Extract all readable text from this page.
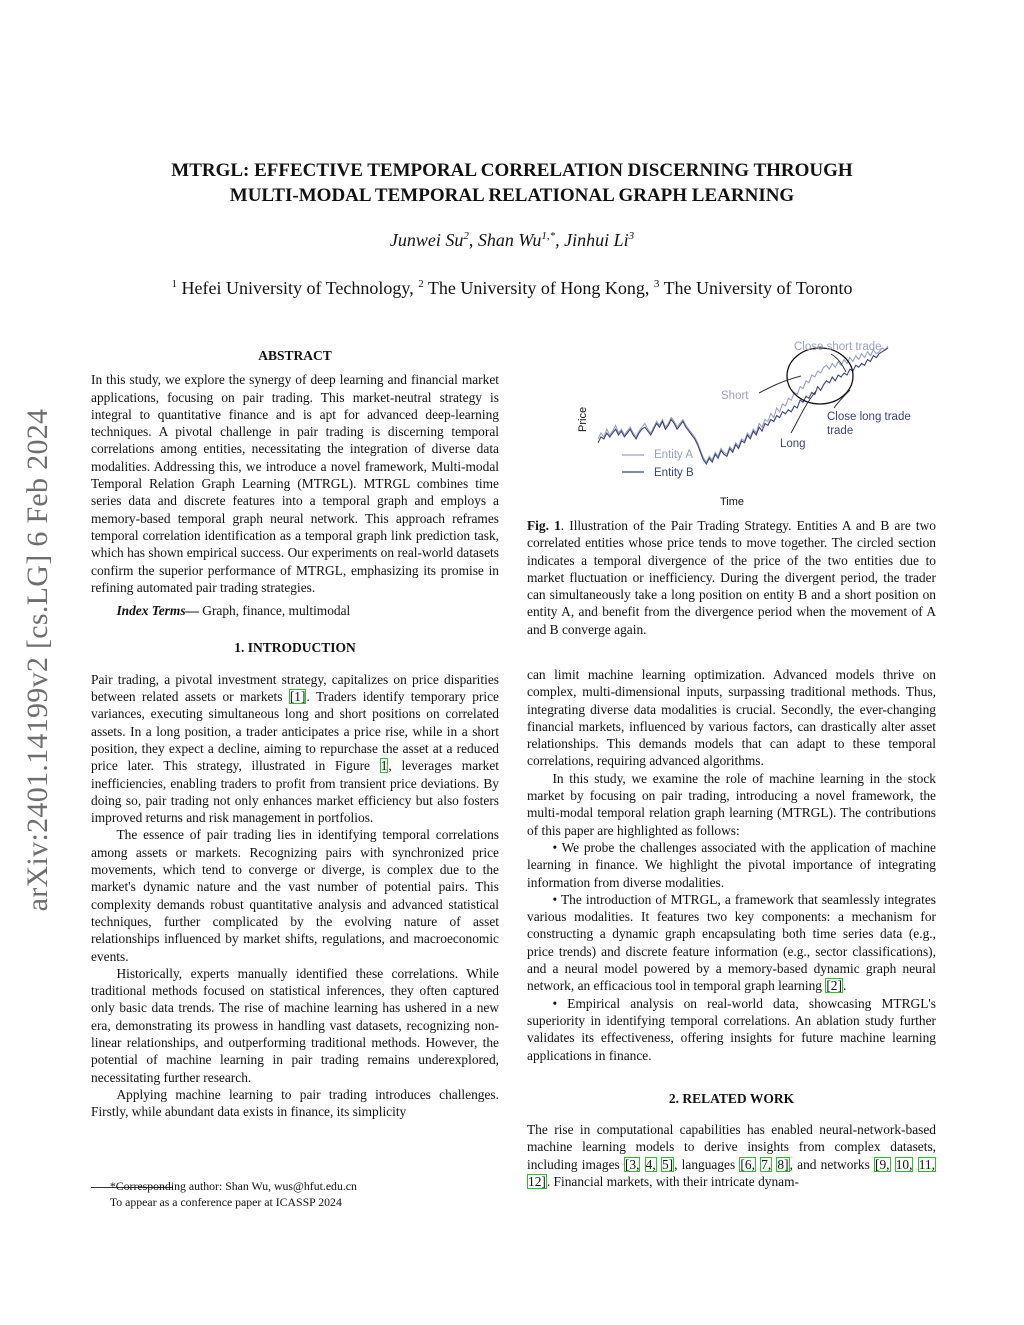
arXiv:2401.14199v2 [cs.LG] 6 Feb 2024
MTRGL: EFFECTIVE TEMPORAL CORRELATION DISCERNING THROUGH
MULTI-MODAL TEMPORAL RELATIONAL GRAPH LEARNING
Junwei Su$^2$, Shan $Wu^{1,*}$, Jinhui Li$^3$
$^1$ Hefei University of Technology, $^2$ The University of Hong Kong, $^3$ The University of Toronto

ABSTRACT

In this study, we explore the synergy of deep learning and financial market applications, focusing on pair trading. This market-neutral strategy is integral to quantitative finance and is apt for advanced deep-learning techniques. A pivotal challenge in pair trading is discerning temporal correlations among entities, necessitating the integration of diverse data modalities. Addressing this, we introduce a novel framework, Multi-modal Temporal Relation Graph Learning (MTRGL). MTRGL combines time series data and discrete features into a temporal graph and employs a memory-based temporal graph neural network. This approach reframes temporal correlation identification as a temporal graph link prediction task, which has shown empirical success. Our experiments on real-world datasets confirm the superior performance of MTRGL, emphasizing its promise in refining automated pair trading strategies.

Index Terms— Graph, finance, multimodal

1. INTRODUCTION

Pair trading, a pivotal investment strategy, capitalizes on price disparities between related assets or markets [1]. Traders identify temporary price variances, executing simultaneous long and short positions on correlated assets. In a long position, a trader anticipates a price rise, while in a short position, they expect a decline, aiming to repurchase the asset at a reduced price later. This strategy, illustrated in Figure 1, leverages market inefficiencies, enabling traders to profit from transient price deviations. By doing so, pair trading not only enhances market efficiency but also fosters improved returns and risk management in portfolios.

The essence of pair trading lies in identifying temporal correlations among assets or markets. Recognizing pairs with synchronized price movements, which tend to converge or diverge, is complex due to the market's dynamic nature and the vast number of potential pairs. This complexity demands robust quantitative analysis and advanced statistical techniques, further complicated by the evolving nature of asset relationships influenced by market shifts, regulations, and macroeconomic events.

Historically, experts manually identified these correlations. While traditional methods focused on statistical inferences, they often captured only basic data trends. The rise of machine learning has ushered in a new era, demonstrating its prowess in handling vast datasets, recognizing non-linear relationships, and outperforming traditional methods. However, the potential of machine learning in pair trading remains underexplored, necessitating further research.

Applying machine learning to pair trading introduces challenges. Firstly, while abundant data exists in finance, its simplicity

*Corresponding author: Shan Wu, wus@hfut.edu.cn

To appear as a conference paper at ICASSP 2024

Close short trade
Short
Long
Close long trade
trade
Entity A
Entity B
Price
Time
Fig. 1. Illustration of the Pair Trading Strategy. Entities A and B are two correlated entities whose price tends to move together. The circled section indicates a temporal divergence of the price of the two entities due to market fluctuation or inefficiency. During the divergent period, the trader can simultaneously take a long position on entity B and a short position on entity A, and benefit from the divergence period when the movement of A and B converge again.

can limit machine learning optimization. Advanced models thrive on complex, multi-dimensional inputs, surpassing traditional methods. Thus, integrating diverse data modalities is crucial. Secondly, the ever-changing financial markets, influenced by various factors, can drastically alter asset relationships. This demands models that can adapt to these temporal correlations, requiring advanced algorithms.

In this study, we examine the role of machine learning in the stock market by focusing on pair trading, introducing a novel framework, the multi-modal temporal relation graph learning (MTRGL). The contributions of this paper are highlighted as follows:

• We probe the challenges associated with the application of machine learning in finance. We highlight the pivotal importance of integrating information from diverse modalities.

• The introduction of MTRGL, a framework that seamlessly integrates various modalities. It features two key components: a mechanism for constructing a dynamic graph encapsulating both time series data (e.g., price trends) and discrete feature information (e.g., sector classifications), and a neural model powered by a memory-based dynamic graph neural network, an efficacious tool in temporal graph learning [2].

• Empirical analysis on real-world data, showcasing MTRGL's superiority in identifying temporal correlations. An ablation study further validates its effectiveness, offering insights for future machine learning applications in finance.

2. RELATED WORK

The rise in computational capabilities has enabled neural-network-based machine learning models to derive insights from complex datasets, including images [3, 4, 5], languages [6, 7, 8], and networks [9, 10, 11, 12]. Financial markets, with their intricate dynam-
